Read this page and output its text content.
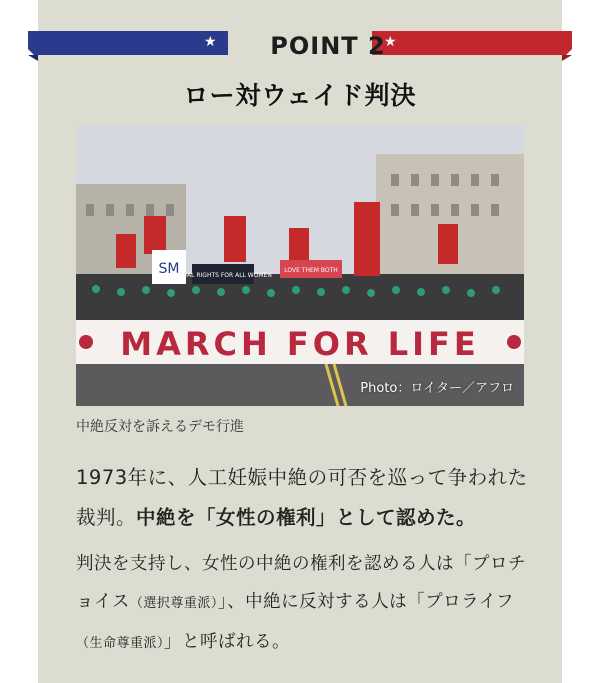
★	★
POINT 2
ロー対ウェイド判決
SM
EQUAL RIGHTS FOR ALL WOMEN
LOVE THEM BOTH
MARCH FOR LIFE
Photo：ロイター／アフロ
中絶反対を訴えるデモ行進
1973年に、人工妊娠中絶の可否を巡って争われた裁判。中絶を「女性の権利」として認めた。
判決を支持し、女性の中絶の権利を認める人は「プロチョイス（選択尊重派）」、中絶に反対する人は「プロライフ（生命尊重派）」と呼ばれる。
